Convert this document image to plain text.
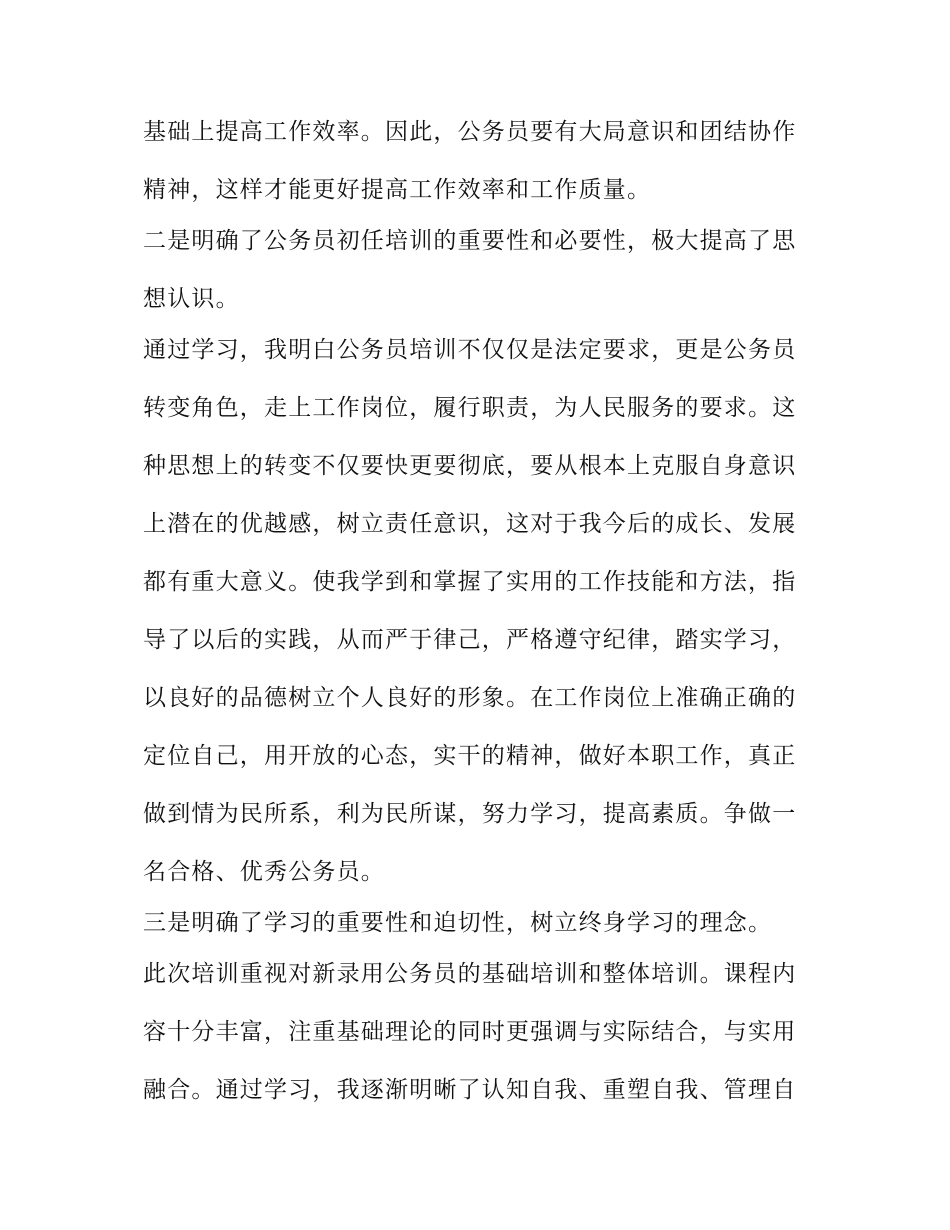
基础上提高工作效率。因此，公务员要有大局意识和团结协作
精神，这样才能更好提高工作效率和工作质量。
二是明确了公务员初任培训的重要性和必要性，极大提高了思
想认识。
通过学习，我明白公务员培训不仅仅是法定要求，更是公务员
转变角色，走上工作岗位，履行职责，为人民服务的要求。这
种思想上的转变不仅要快更要彻底，要从根本上克服自身意识
上潜在的优越感，树立责任意识，这对于我今后的成长、发展
都有重大意义。使我学到和掌握了实用的工作技能和方法，指
导了以后的实践，从而严于律己，严格遵守纪律，踏实学习，
以良好的品德树立个人良好的形象。在工作岗位上准确正确的
定位自己，用开放的心态，实干的精神，做好本职工作，真正
做到情为民所系，利为民所谋，努力学习，提高素质。争做一
名合格、优秀公务员。
三是明确了学习的重要性和迫切性，树立终身学习的理念。
此次培训重视对新录用公务员的基础培训和整体培训。课程内
容十分丰富，注重基础理论的同时更强调与实际结合，与实用
融合。通过学习，我逐渐明晰了认知自我、重塑自我、管理自
